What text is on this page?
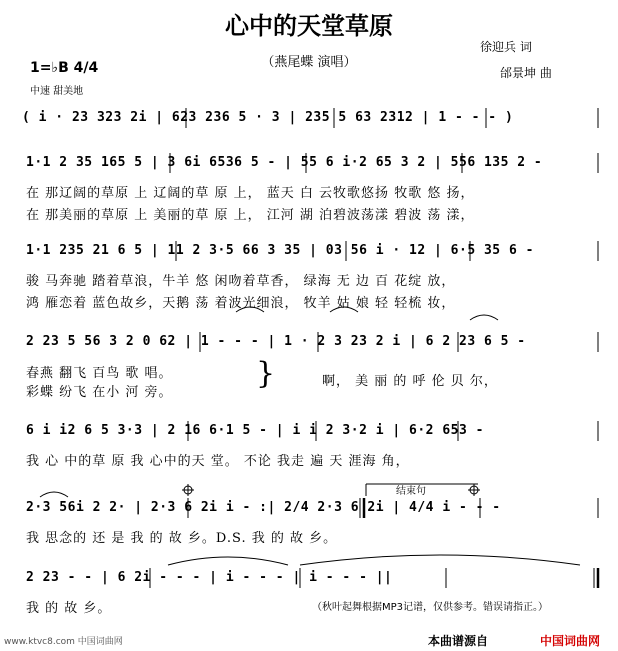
心中的天堂草原
（燕尾蝶 演唱）
徐迎兵 词
邰景坤 曲
1=♭B 4/4
中速 甜美地
( i · 23 323 2i | 623 236 5 · 3 | 235 5 63 2312 | 1 - - - )
1·1 2 35 165 5 | 3 6i 6536 5 - | 55 6 i·2 65 3 2 | 556 135 2 -
在 那辽阔的草原 上 辽阔的草 原 上， 蓝天 白 云牧歌悠扬 牧歌 悠 扬，
在 那美丽的草原 上 美丽的草 原 上， 江河 湖 泊碧波荡漾 碧波 荡 漾，
1·1 235 21 6 5 | 11 2 3·5 66 3 35 | 03 56 i · 12 | 6·5 35 6 -
骏 马奔驰 踏着草浪，牛羊 悠 闲吻着草香， 绿海 无 边 百 花绽 放，
鸿 雁恋着 蓝色故乡，天鹅 荡 着波光细浪， 牧羊 姑 娘 轻 轻梳 妆，
2 23 5 56 3 2 0 62 | 1 - - - | 1 · 2 3 23 2 i | 6 2 23 6 5 -
春燕 翻飞 百鸟 歌 唱。
彩蝶 纷飞 在小 河 旁。
}	啊， 美 丽 的 呼 伦 贝 尔，
6 i i2 6 5 3·3 | 2 16 6·1 5 - | i i 2 3·2 i | 6·2 653 -
我 心 中的草 原 我 心中的天 堂。 不论 我走 遍 天 涯海 角，
结束句
2·3 56i 2 2· | 2·3 6 2i i - :| 2/4 2·3 6 2i | 4/4 i - - -
我 思念的 还 是 我 的 故 乡。D.S. 我 的 故 乡。
2 23 - - | 6 2i - - - | i - - - | i - - - ||
我 的 故 乡。	（秋叶起舞根据MP3记谱，仅供参考。错误请指正。）
www.ktvc8.com 中国词曲网	本曲谱源自	中国词曲网
